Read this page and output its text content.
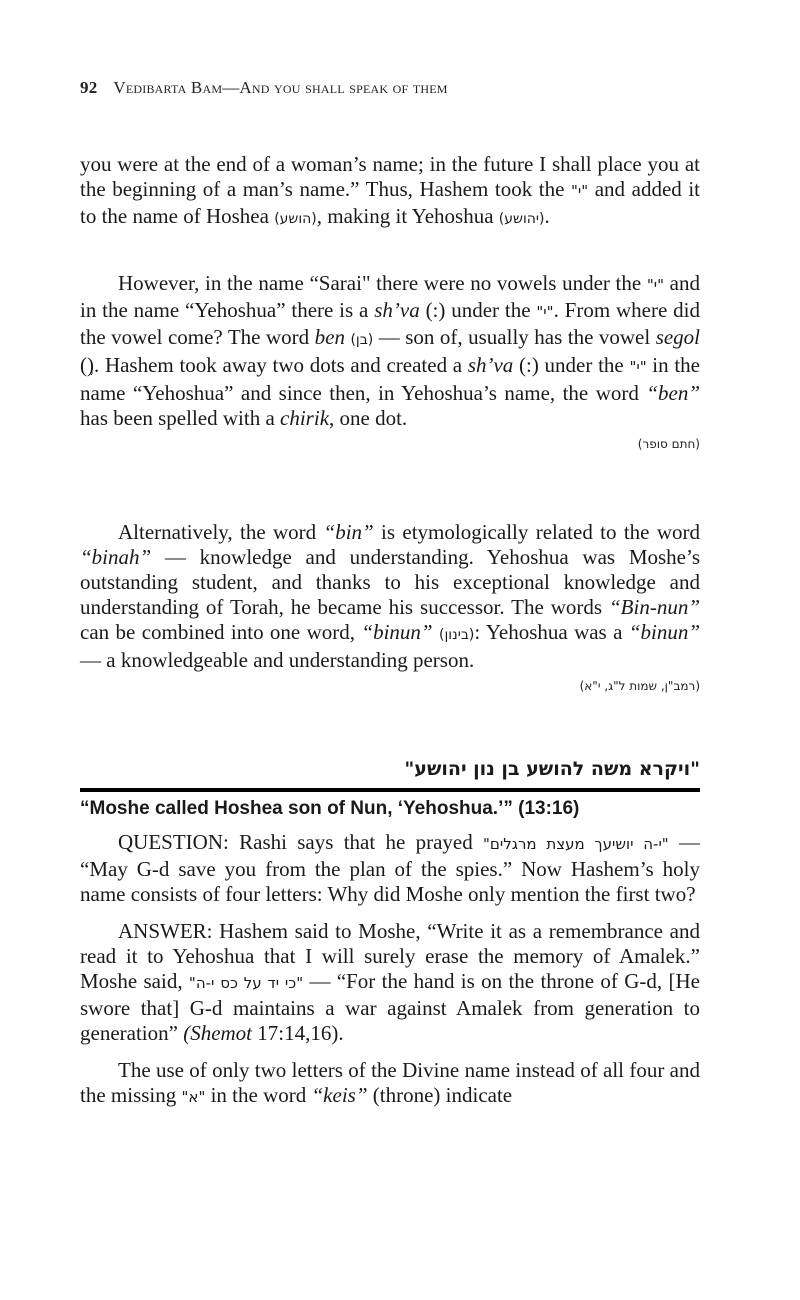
92 Vedibarta Bam—And you shall speak of them

you were at the end of a woman’s name; in the future I shall place you at the beginning of a man’s name.” Thus, Hashem took the "י" and added it to the name of Hoshea (הושע), making it Yehoshua (יהושע).

However, in the name “Sarai" there were no vowels under the "י" and in the name “Yehoshua” there is a sh’va (:) under the "י". From where did the vowel come? The word ben (בן) — son of, usually has the vowel segol (). Hashem took away two dots and created a sh’va (:) under the "י" in the name “Yehoshua” and since then, in Yehoshua’s name, the word “ben” has been spelled with a chirik, one dot.

(חתם סופר)

Alternatively, the word “bin” is etymologically related to the word “binah” — knowledge and understanding. Yehoshua was Moshe’s outstanding student, and thanks to his exceptional knowledge and understanding of Torah, he became his successor. The words “Bin-nun” can be combined into one word, “binun” (בינון): Yehoshua was a “binun” — a knowledgeable and understanding person.

(רמב"ן, שמות ל"ג, י"א)

"ויקרא משה להושע בן נון יהושע"

“Moshe called Hoshea son of Nun, ‘Yehoshua.’” (13:16)

QUESTION: Rashi says that he prayed "י-ה יושיעך מעצת מרגלים" — “May G-d save you from the plan of the spies.” Now Hashem’s holy name consists of four letters: Why did Moshe only mention the first two?

ANSWER: Hashem said to Moshe, “Write it as a remembrance and read it to Yehoshua that I will surely erase the memory of Amalek.” Moshe said, "כי יד על כס י-ה" — “For the hand is on the throne of G-d, [He swore that] G-d maintains a war against Amalek from generation to generation” (Shemot 17:14,16).

The use of only two letters of the Divine name instead of all four and the missing "א" in the word “keis” (throne) indicate
